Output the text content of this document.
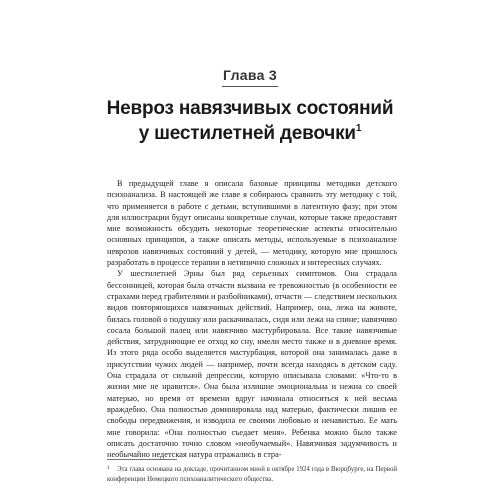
Глава 3
Невроз навязчивых состояний
у шестилетней девочки$^1$

В предыдущей главе я описала базовые принципы методики детского психоанализа. В настоящей же главе я собираюсь сравнить эту методику с той, что применяется в работе с детьми, вступившими в латентную фазу; при этом для иллюстрации будут описаны конкретные случаи, которые также предоставят мне возможность обсудить некоторые теоретические аспекты относительно основных принципов, а также описать методы, используемые в психоанализе неврозов навязчивых состояний у детей, — методику, которую мне пришлось разработать в процессе терапии в нетипично сложных и интересных случаях.

У шестилетней Эрны был ряд серьезных симптомов. Она страдала бессонницей, которая была отчасти вызвана ее тревожностью (в особенности ее страхами перед грабителями и разбойниками), отчасти — следствием нескольких видов повторяющихся навязчивых действий. Например, она, лежа на животе, билась головой о подушку или раскачивалась, сидя или лежа на спине; навязчиво сосала большой палец или навязчиво мастурбировала. Все такие навязчивые действия, затрудняющие ее отход ко сну, имели место также и в дневное время. Из этого ряда особо выделяется мастурбация, которой она занималась даже в присутствии чужих людей — например, почти всегда находясь в детском саду. Она страдала от сильной депрессии, которую описывала словами: «Что-то в жизни мне не нравится». Она была излишне эмоциональна и нежна со своей матерью, но время от времени вдруг начинала относиться к ней весьма враждебно. Она полностью доминировала над матерью, фактически лишив ее свободы передвижения, и изводила ее своими любовью и ненавистью. Ее мать мне говорила: «Она полностью съедает меня». Ребенка можно было также описать достаточно точно словом «необучаемый». Навязчивая задумчивость и необычайно недетская натура отражались в стра-

1 Эта глава основана на докладе, прочитанном мной в октябре 1924 года в Вюрцбурге, на Первой конференции Немецкого психоаналитического общества.
